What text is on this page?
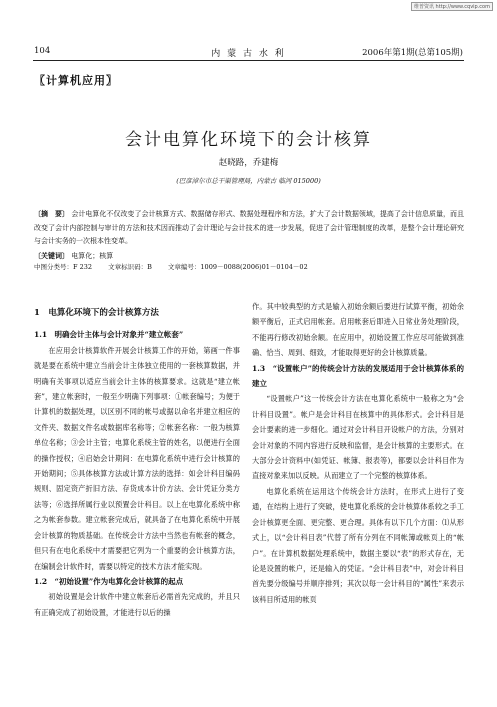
维普资讯 http://www.cqvip.com
104	内 蒙 古 水 利	2006年第1期(总第105期)
〖计算机应用〗
会计电算化环境下的会计核算
赵晓路，乔建梅
(巴彦淖尔市总干渠管理局，内蒙古 临河 015000)
〔摘　要〕 会计电算化不仅改变了会计核算方式、数据储存形式、数据处理程序和方法，扩大了会计数据领域，提高了会计信息质量，而且改变了会计内部控制与审计的方法和技术因而推动了会计理论与会计技术的进一步发展，促进了会计管理制度的改革，是整个会计理论研究与会计实务的一次根本性变革。
〔关键词〕 电算化；核算
中图分类号：F 232 文章标识码：B 文章编号：1009－0088(2006)01－0104－02
1　电算化环境下的会计核算方法
1.1　明确会计主体与会计对象并“建立帐套”

在应用会计核算软件开展会计核算工作的开始，第画一件事就是要在系统中建立当前会计主体独立使用的一套核算数据，并明确有关事项以适应当前会计主体的核算要求。这就是“建立帐套”，建立帐套时，一般至少明确下列事项：①帐套编号；为便于计算机的数据处理，以区别不同的帐号或据以命名并建立相应的文件夹、数据文件名或数据库名称等；②帐套名称：一般为核算单位名称；③会计主管；电算化系统主管的姓名，以便进行全面的操作授权；④启始会计期间：在电算化系统中进行会计核算的开始期间；⑤具体核算方法或计算方法的选择：如会计科目编码规则、固定资产折旧方法、存货成本计价方法、会计凭证分类方法等；⑥选择所属行业以预置会计科目。以上在电算化系统中称之为帐套参数。建立帐套完成后，就具备了在电算化系统中开展会计核算的物质基础。在传统会计方法中当然也有帐套的概念，但只有在电化系统中才需要把它列为一个重要的会计核算方法，在编制会计软件时，需要以特定的技术方法才能实现。

1.2　“初始设置”作为电算化会计核算的起点

初始设置是会计软件中建立帐套后必需首先完成的，并且只有正确完成了初始设置，才能进行以后的操

作。其中较典型的方式是输入初始余额后要进行试算平衡，初始余额平衡后，正式启用帐套。启用帐套后即进入日常业务处理阶段，不能再行修改初始余额。在应用中，初始设置工作应尽可能做到准确、恰当、周到、细致，才能取得更好的会计核算质量。

1.3　“设置帐户”的传统会计方法的发展适用于会计核算体系的建立

“设置帐户”这一传统会计方法在电算化系统中一般称之为“会计科目设置”。帐户是会计科目在核算中的具体形式。会计科目是会计要素的进一步细化。通过对会计科目开设帐户的方法，分别对会计对象的不同内容进行反映和监督，是会计核算的主要形式。在大部分会计资料中(如凭证、帐簿、报表等)，都要以会计科目作为直接对象来加以反映。从而建立了一个完整的核算体系。

电算化系统在运用这个传统会计方法时，在形式上进行了变通，在结构上进行了突破，使电算化系统的会计核算体系较之手工会计核算更全面、更完整、更合理。具体有以下几个方面：⑴从形式上，以“会计科目表”代替了所有分列在不同帐簿或帐页上的“帐户”。在计算机数据处理系统中，数据主要以“表”的形式存在，无论是设置的帐户，还是输入的凭证。“会计科目表”中，对会计科目首先要分级编号并顺序排列；其次以每一会计科目的“属性”来表示该科目所适用的帐页
